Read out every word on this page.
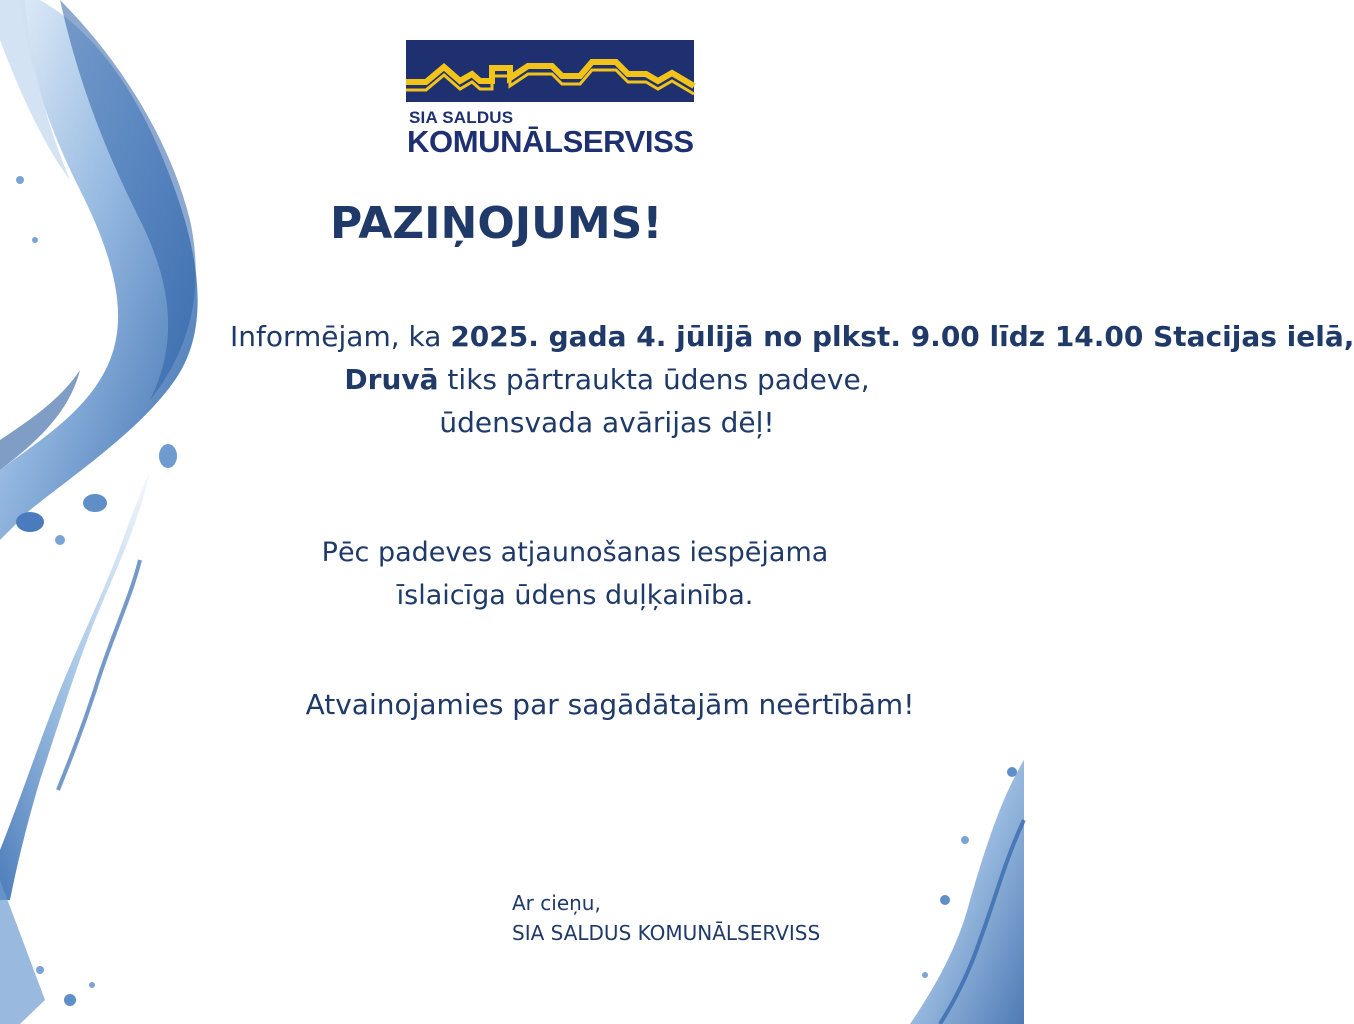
SIA SALDUS
KOMUNĀLSERVISS
PAZIŅOJUMS!
Informējam, ka 2025. gada 4. jūlijā no plkst. 9.00 līdz 14.00 Stacijas ielā,
Druvā tiks pārtraukta ūdens padeve,
ūdensvada avārijas dēļ!
Pēc padeves atjaunošanas iespējama
īslaicīga ūdens duļķainība.
Atvainojamies par sagādātajām neērtībām!
Ar cieņu,
SIA SALDUS KOMUNĀLSERVISS
